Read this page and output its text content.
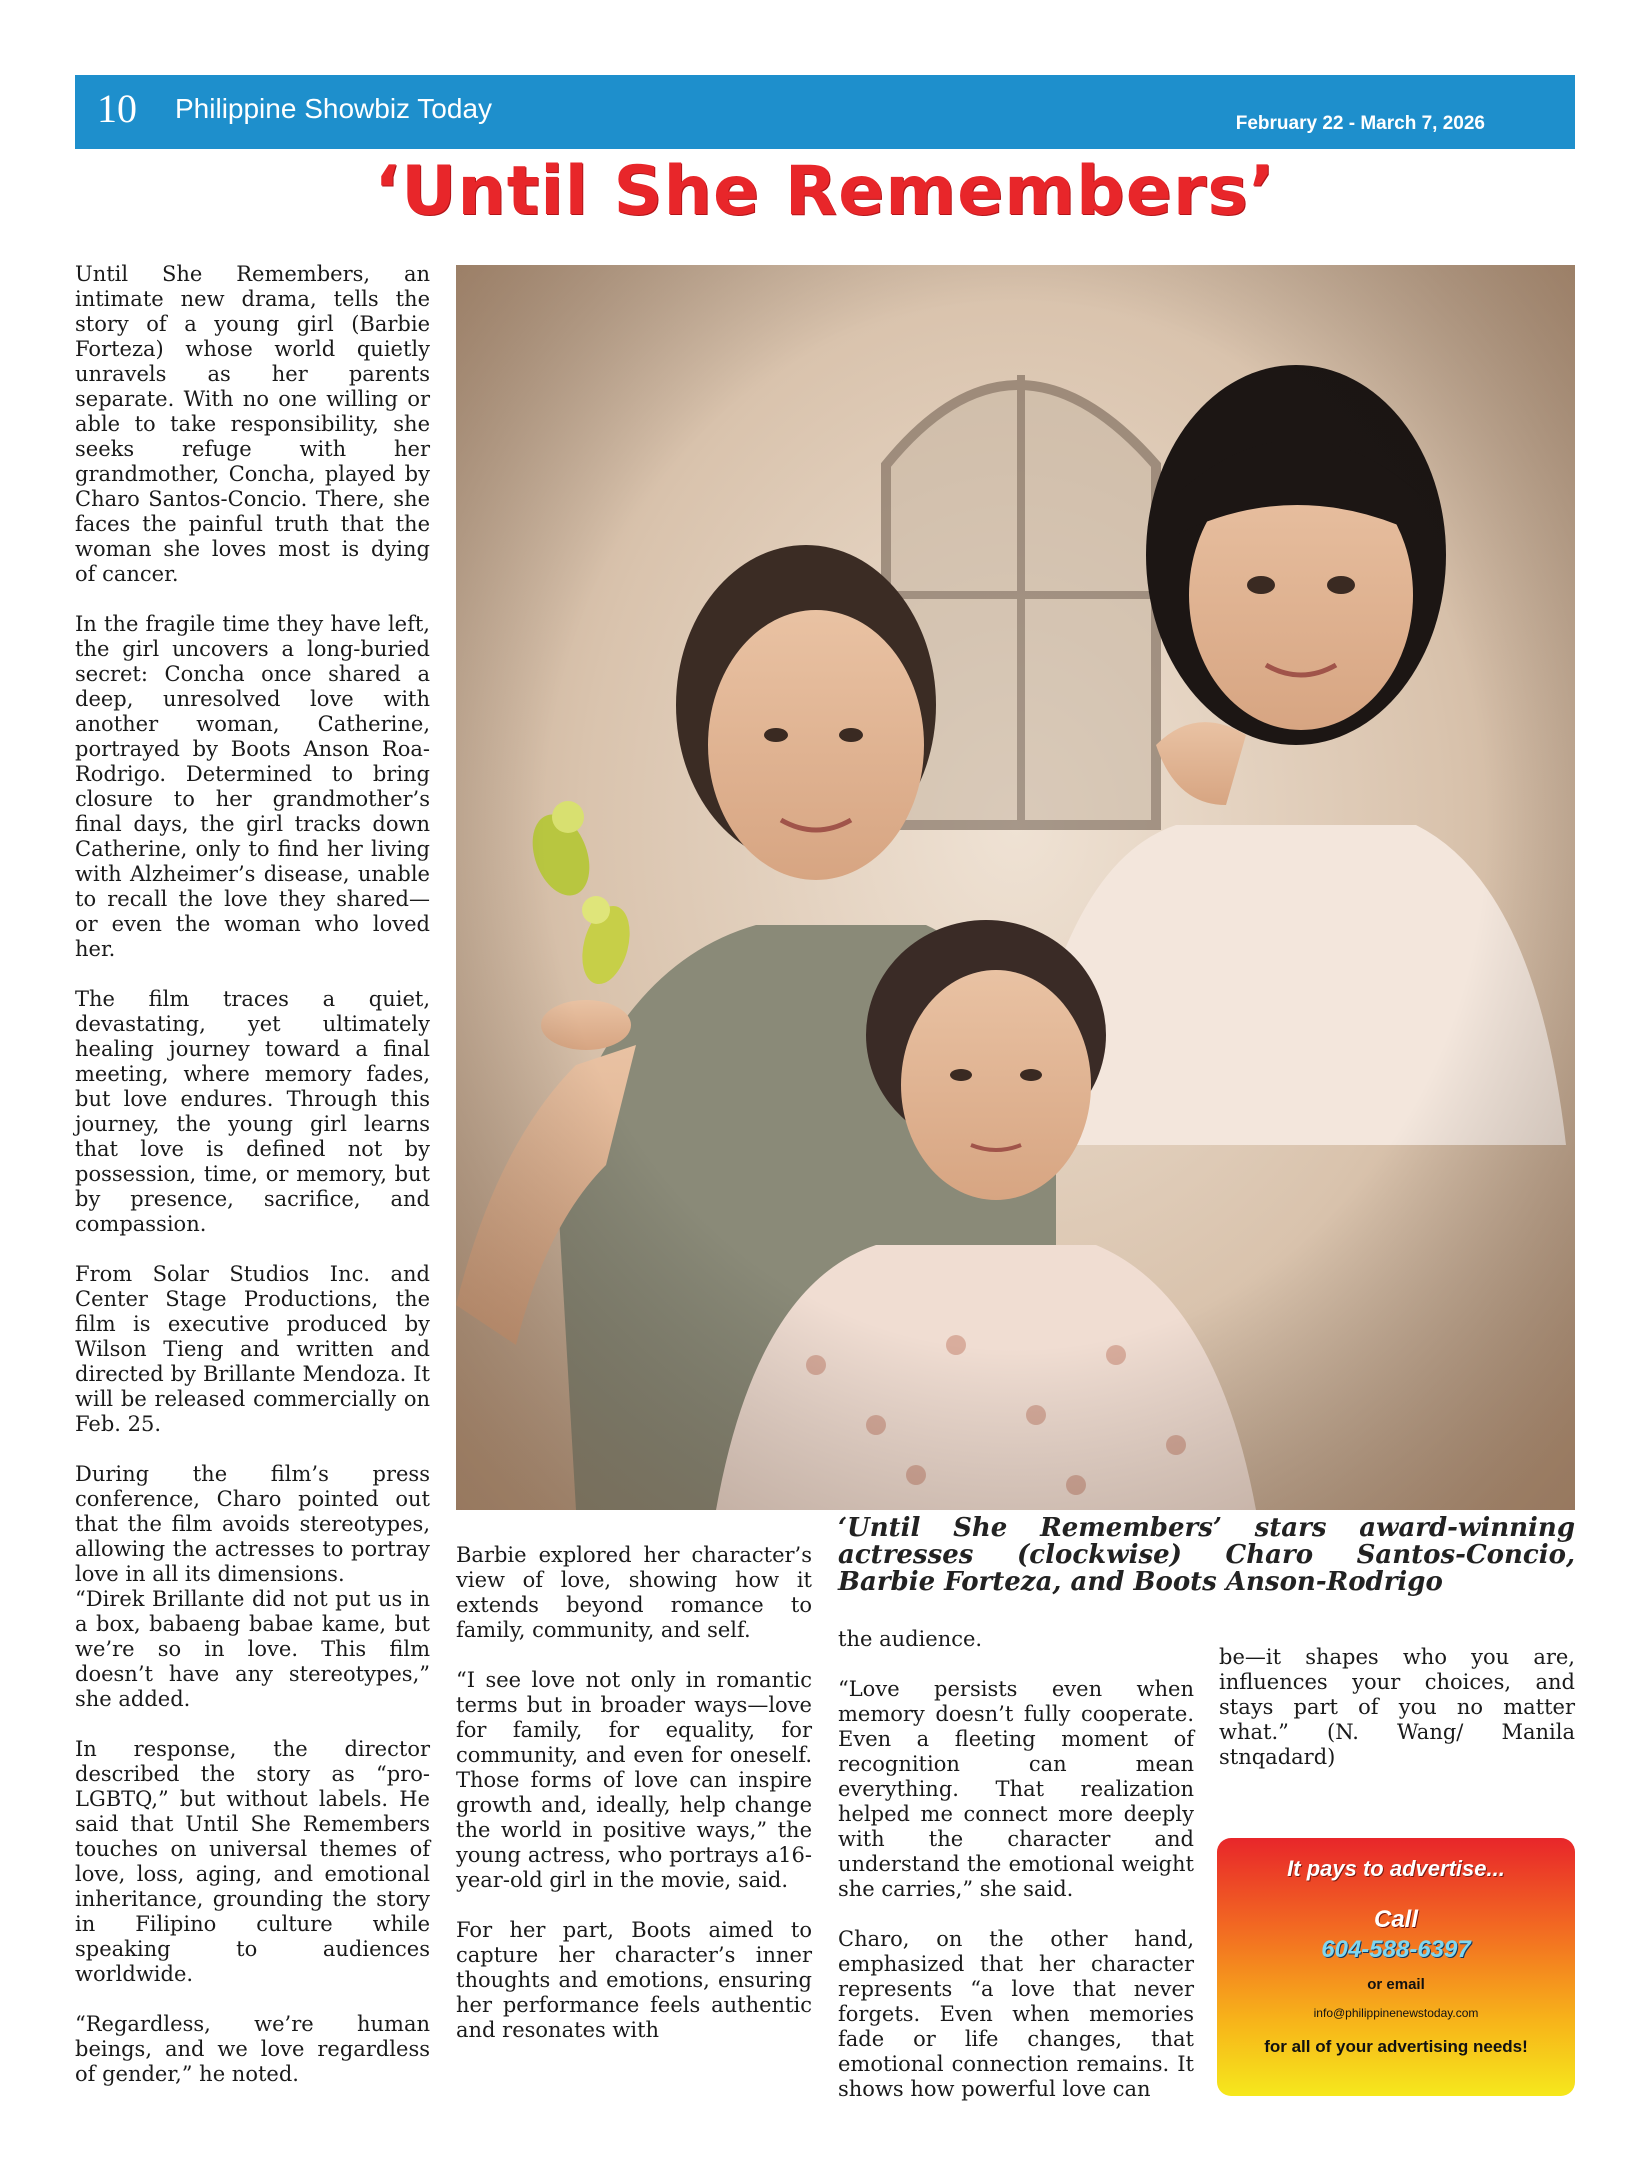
10 Philippine Showbiz Today	February 22 - March 7, 2026
‘Until She Remembers’

Until She Remembers, an intimate new drama, tells the story of a young girl (Barbie Forteza) whose world quietly unravels as her parents separate. With no one willing or able to take responsibility, she seeks refuge with her grandmother, Concha, played by Charo Santos-Concio. There, she faces the painful truth that the woman she loves most is dying of cancer.

In the fragile time they have left, the girl uncovers a long-buried secret: Concha once shared a deep, unresolved love with another woman, Catherine, portrayed by Boots Anson Roa-Rodrigo. Determined to bring closure to her grandmother’s final days, the girl tracks down Catherine, only to find her living with Alzheimer’s disease, unable to recall the love they shared—or even the woman who loved her.

The film traces a quiet, devastating, yet ultimately healing journey toward a final meeting, where memory fades, but love endures. Through this journey, the young girl learns that love is defined not by possession, time, or memory, but by presence, sacrifice, and compassion.

From Solar Studios Inc. and Center Stage Productions, the film is executive produced by Wilson Tieng and written and directed by Brillante Mendoza. It will be released commercially on Feb. 25.

During the film’s press conference, Charo pointed out that the film avoids stereotypes, allowing the actresses to portray love in all its dimensions.

“Direk Brillante did not put us in a box, babaeng babae kame, but we’re so in love. This film doesn’t have any stereotypes,” she added.

In response, the director described the story as “pro-LGBTQ,” but without labels. He said that Until She Remembers touches on universal themes of love, loss, aging, and emotional inheritance, grounding the story in Filipino culture while speaking to audiences worldwide.

“Regardless, we’re human beings, and we love regardless of gender,” he noted.

‘Until She Remembers’ stars award-winning actresses (clockwise) Charo Santos-Concio, Barbie Forteza, and Boots Anson-Rodrigo

Barbie explored her character’s view of love, showing how it extends beyond romance to family, community, and self.

“I see love not only in romantic terms but in broader ways—love for family, for equality, for community, and even for oneself. Those forms of love can inspire growth and, ideally, help change the world in positive ways,” the young actress, who portrays a16-year-old girl in the movie, said.

For her part, Boots aimed to capture her character’s inner thoughts and emotions, ensuring her performance feels authentic and resonates with

the audience.

“Love persists even when memory doesn’t fully cooperate. Even a fleeting moment of recognition can mean everything. That realization helped me connect more deeply with the character and understand the emotional weight she carries,” she said.

Charo, on the other hand, emphasized that her character represents “a love that never forgets. Even when memories fade or life changes, that emotional connection remains. It shows how powerful love can

be—it shapes who you are, influences your choices, and stays part of you no matter what.” (N. Wang/ Manila stnqadard)

It pays to advertise...
Call
604-588-6397
or email
info@philippinenewstoday.com
for all of your advertising needs!
